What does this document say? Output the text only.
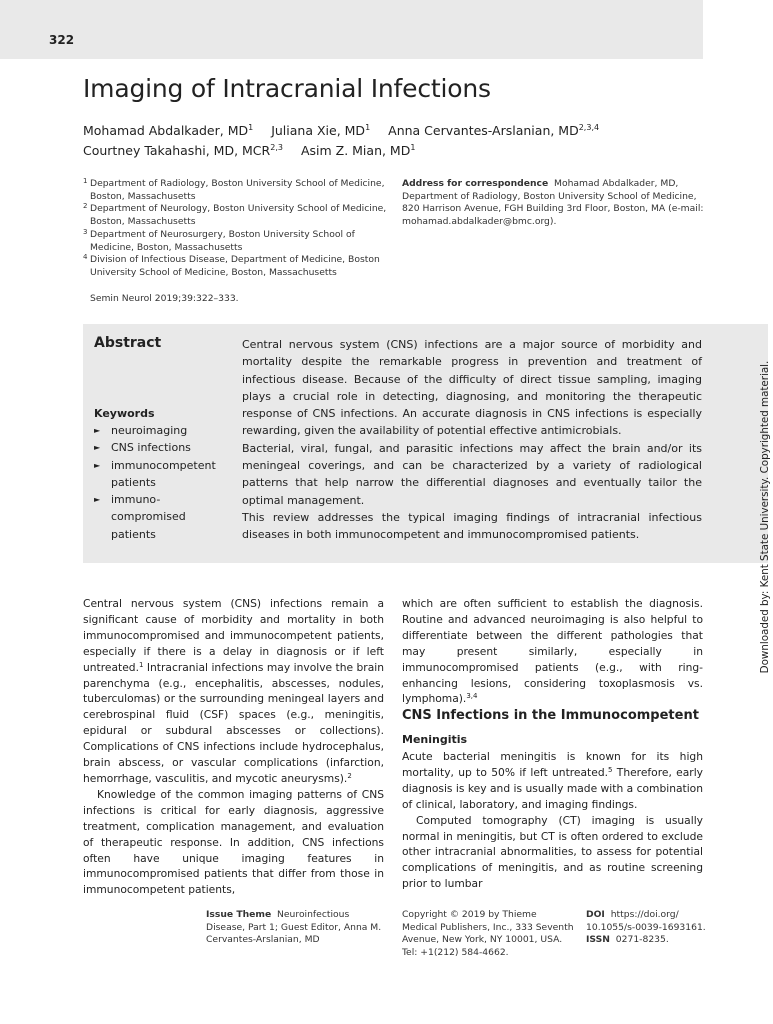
322
Imaging of Intracranial Infections
Mohamad Abdalkader, $MD^1$ Juliana Xie, $MD^1$ Anna Cervantes-Arslanian, MD$^{2,3,4}$
Courtney Takahashi, MD, MCR$^{2,3}$ Asim Z. Mian, $MD^1$
1 Department of Radiology, Boston University School of Medicine, Boston, Massachusetts
2 Department of Neurology, Boston University School of Medicine, Boston, Massachusetts
3 Department of Neurosurgery, Boston University School of Medicine, Boston, Massachusetts
4 Division of Infectious Disease, Department of Medicine, Boston University School of Medicine, Boston, Massachusetts
Address for correspondence Mohamad Abdalkader, MD, Department of Radiology, Boston University School of Medicine, 820 Harrison Avenue, FGH Building 3rd Floor, Boston, MA (e-mail: mohamad.abdalkader@bmc.org).
Semin Neurol 2019;39:322–333.
Abstract
Keywords
► neuroimaging
► CNS infections
► immunocompetent patients
► immuno-compromised patients

Central nervous system (CNS) infections are a major source of morbidity and mortality despite the remarkable progress in prevention and treatment of infectious disease. Because of the difficulty of direct tissue sampling, imaging plays a crucial role in detecting, diagnosing, and monitoring the therapeutic response of CNS infections. An accurate diagnosis in CNS infections is especially rewarding, given the availability of potential effective antimicrobials.

Bacterial, viral, fungal, and parasitic infections may affect the brain and/or its meningeal coverings, and can be characterized by a variety of radiological patterns that help narrow the differential diagnoses and eventually tailor the optimal management.

This review addresses the typical imaging findings of intracranial infectious diseases in both immunocompetent and immunocompromised patients.

Central nervous system (CNS) infections remain a significant cause of morbidity and mortality in both immunocompromised and immunocompetent patients, especially if there is a delay in diagnosis or if left untreated.$^1$ Intracranial infections may involve the brain parenchyma (e.g., encephalitis, abscesses, nodules, tuberculomas) or the surrounding meningeal layers and cerebrospinal fluid (CSF) spaces (e.g., meningitis, epidural or subdural abscesses or collections). Complications of CNS infections include hydrocephalus, brain abscess, or vascular complications (infarction, hemorrhage, vasculitis, and mycotic aneurysms).$^2$

Knowledge of the common imaging patterns of CNS infections is critical for early diagnosis, aggressive treatment, complication management, and evaluation of therapeutic response. In addition, CNS infections often have unique imaging features in immunocompromised patients that differ from those in immunocompetent patients,

which are often sufficient to establish the diagnosis. Routine and advanced neuroimaging is also helpful to differentiate between the different pathologies that may present similarly, especially in immunocompromised patients (e.g., with ring-enhancing lesions, considering toxoplasmosis vs. lymphoma).$^{3,4}$

CNS Infections in the Immunocompetent
Meningitis

Acute bacterial meningitis is known for its high mortality, up to 50% if left untreated.$^5$ Therefore, early diagnosis is key and is usually made with a combination of clinical, laboratory, and imaging findings.

Computed tomography (CT) imaging is usually normal in meningitis, but CT is often ordered to exclude other intracranial abnormalities, to assess for potential complications of meningitis, and as routine screening prior to lumbar

Issue Theme Neuroinfectious Disease, Part 1; Guest Editor, Anna M. Cervantes-Arslanian, MD
Copyright © 2019 by Thieme Medical Publishers, Inc., 333 Seventh Avenue, New York, NY 10001, USA. Tel: +1(212) 584-4662.
DOI https://doi.org/ 10.1055/s-0039-1693161.
ISSN 0271-8235.
Downloaded by: Kent State University. Copyrighted material.
